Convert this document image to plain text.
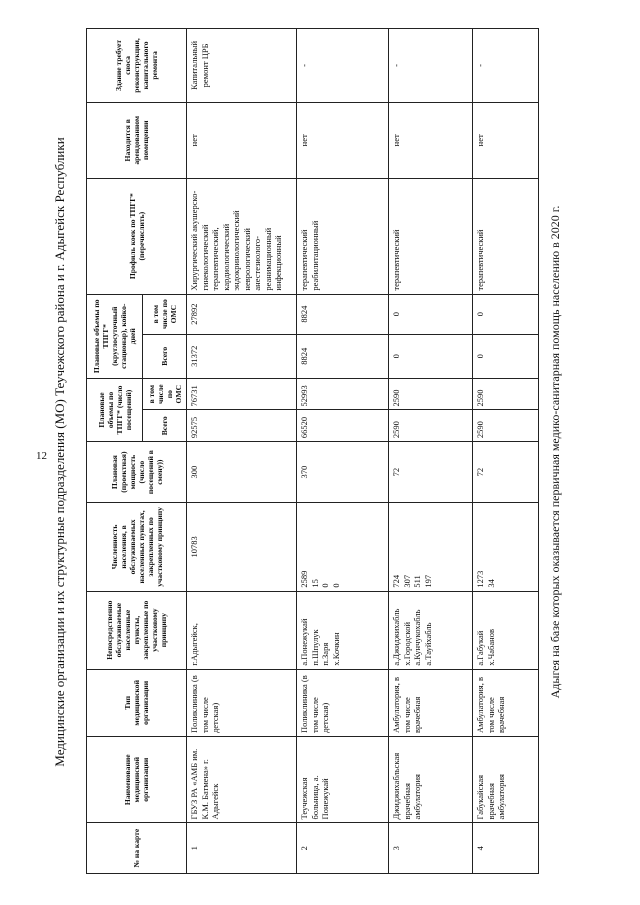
12 Медицинские организации и их структурные подразделения (МО) Теучежского района и г. Адыгейск Республики
№ на карте	Наименование медицинской организации	Тип медицинской организации	Непосредственно обслуживаемые населенные пункты, закрепленные по участковому принципу	Численность населения, в обслуживаемых населенных пунктах, закрепленных по участковому принципу	Плановая (проектная) мощность (число посещений в смену))	Плановые объемы по ТПГГ* (число посещений)		Плановые объемы по ТПГГ* (круглосуточный стационар), койко-дней		Профиль коек по ТПГГ* (перечислить)	Находится в арендованном помещении	Здание требует сноса реконструкции, капитального ремонта
						Всего	в том числе по ОМС	Всего	в том числе по ОМС			
1	ГБУЗ РА «АМБ им. К.М. Батмена» г. Адыгейск	Поликлиника (в том числе детская)	г.Адыгейск,	10783	300	92575	76731	31372	27892	Хирургический акушерско-гинекологический терапевтический, кардиологический эндокринологический неврологический анестезиолого-реанимационный инфекционный	нет	Капитальный ремонт ЦРБ
2	Теучежская больница, а. Понежукай	Поликлиника (в том числе детская)	а.Понежукай п.Шпулук п.Заря х.Кочкин	2589 15 0 0	370	66520	52993	8824	8824	терапевтический реабилитационный	нет	-
3	Джиджихабльская врачебная амбулатория	Амбулатория, в том числе врачебная	а.Джиджихабль х.Городской а.Кунчукохабль а.Тауйхабль	724 307 511 197	72	2590	2590	0	0	терапевтический	нет	-
4	Габукайская врачебная амбулатория	Амбулатория, в том числе врачебная	а.Габукай х.Чабанов	1273 34	72	2590	2590	0	0	терапевтический	нет	-
Адыгея на базе которых оказывается первичная медико-санитарная помощь населению в 2020 г.
